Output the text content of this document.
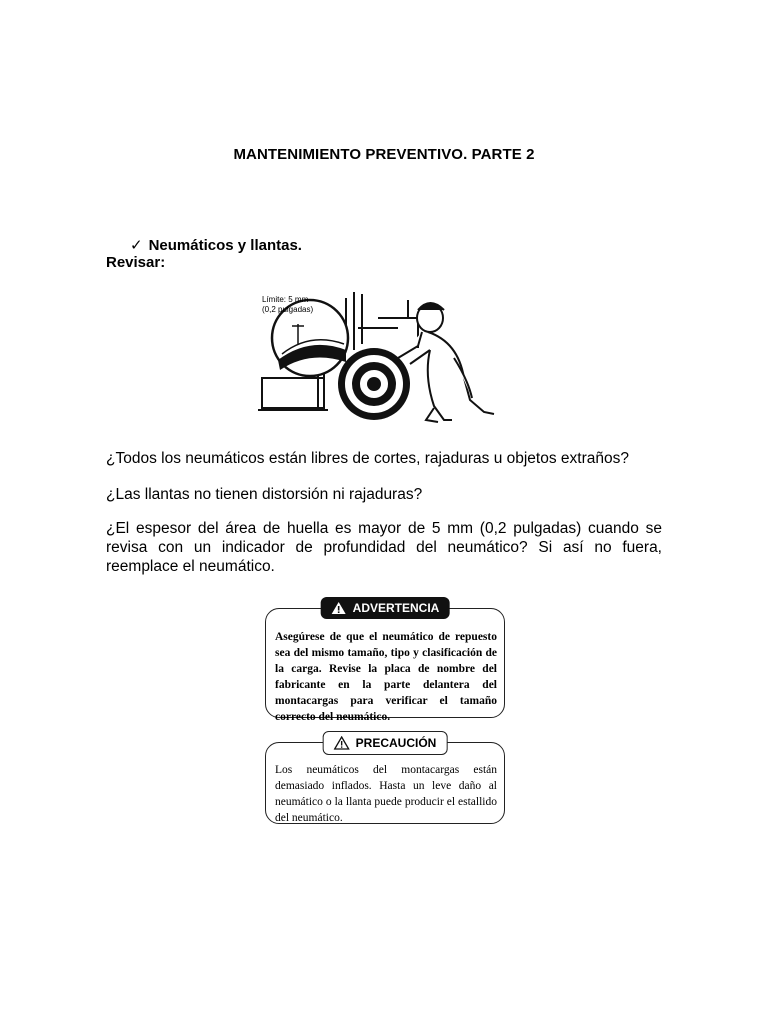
MANTENIMIENTO PREVENTIVO. PARTE 2
✓ Neumáticos y llantas.
Revisar:
Límite: 5 mm
(0,2 pulgadas)
¿Todos los neumáticos están libres de cortes, rajaduras u objetos extraños?
¿Las llantas no tienen distorsión ni rajaduras?
¿El espesor del área de huella es mayor de 5 mm (0,2 pulgadas) cuando se revisa con un indicador de profundidad del neumático? Si así no fuera, reemplace el neumático.
ADVERTENCIA
Asegúrese de que el neumático de repuesto sea del mismo tamaño, tipo y clasificación de la carga. Revise la placa de nombre del fabricante en la parte delantera del montacargas para verificar el tamaño correcto del neumático.
PRECAUCIÓN
Los neumáticos del montacargas están demasiado inflados. Hasta un leve daño al neumático o la llanta puede producir el estallido del neumático.
